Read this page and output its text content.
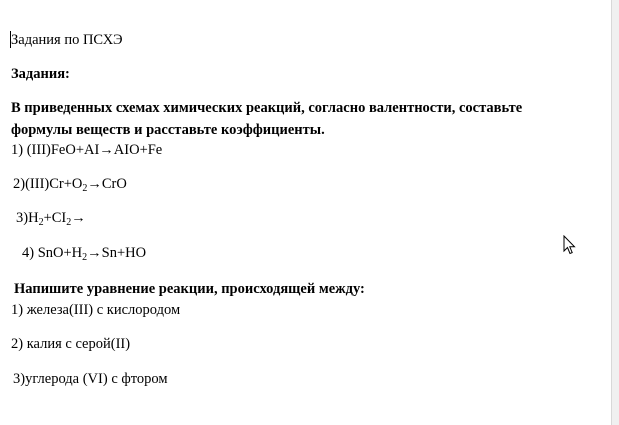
Задания по ПСХЭ
Задания:
В приведенных схемах химических реакций, согласно валентности, составьте
формулы веществ и расставьте коэффициенты.
1) (III)FeO+AI→AIO+Fe
$2)(III)Cr+O_2\to CrO$
$3)H_2+CI_2\to$
4) $SnO+H_2\to Sn+HO$
Напишите уравнение реакции, происходящей между:
1) железа(III) с кислородом
2) калия с серой(II)
3)углерода (VI) с фтором
